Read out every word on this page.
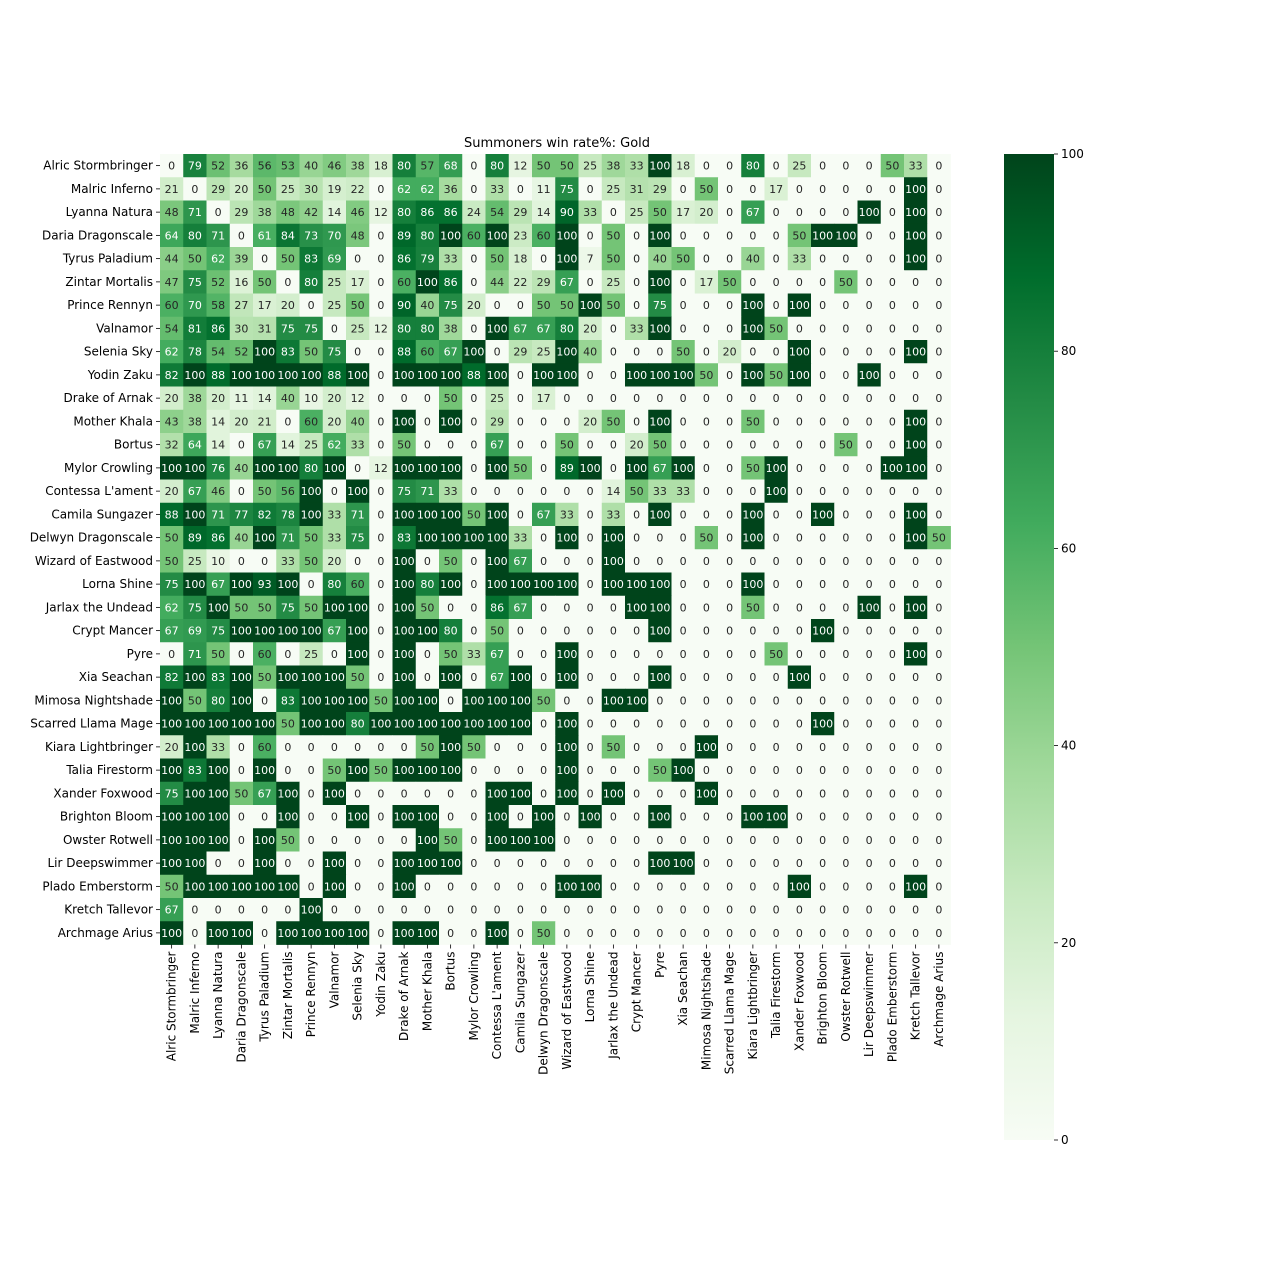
Summoners win rate%: Gold
0 79 52 36 56 53 40 46 38 18 80 57 68 0 80 12 50 50 25 38 33 100 18 0 0 80 0 25 0 0 0 50 33 0
21 0 29 20 50 25 30 19 22 0 62 62 36 0 33 0 11 75 0 25 31 29 0 50 0 0 17 0 0 0 0 0 100 0
48 71 0 29 38 48 42 14 46 12 80 86 86 24 54 29 14 90 33 0 25 50 17 20 0 67 0 0 0 0 100 0 100 0
64 80 71 0 61 84 73 70 48 0 89 80 100 60 100 23 60 100 0 50 0 100 0 0 0 0 0 50 100 100 0 0 100 0
44 50 62 39 0 50 83 69 0 0 86 79 33 0 50 18 0 100 7 50 0 40 50 0 0 40 0 33 0 0 0 0 100 0
47 75 52 16 50 0 80 25 17 0 60 100 86 0 44 22 29 67 0 25 0 100 0 17 50 0 0 0 0 50 0 0 0 0
60 70 58 27 17 20 0 25 50 0 90 40 75 20 0 0 50 50 100 50 0 75 0 0 0 100 0 100 0 0 0 0 0 0
54 81 86 30 31 75 75 0 25 12 80 80 38 0 100 67 67 80 20 0 33 100 0 0 0 100 50 0 0 0 0 0 0 0
62 78 54 52 100 83 50 75 0 0 88 60 67 100 0 29 25 100 40 0 0 0 50 0 20 0 0 100 0 0 0 0 100 0
82 100 88 100 100 100 100 88 100 0 100 100 100 88 100 0 100 100 0 0 100 100 100 50 0 100 50 100 0 0 100 0 0 0
20 38 20 11 14 40 10 20 12 0 0 0 50 0 25 0 17 0 0 0 0 0 0 0 0 0 0 0 0 0 0 0 0 0
43 38 14 20 21 0 60 20 40 0 100 0 100 0 29 0 0 0 20 50 0 100 0 0 0 50 0 0 0 0 0 0 100 0
32 64 14 0 67 14 25 62 33 0 50 0 0 0 67 0 0 50 0 0 20 50 0 0 0 0 0 0 0 50 0 0 100 0
100 100 76 40 100 100 80 100 0 12 100 100 100 0 100 50 0 89 100 0 100 67 100 0 0 50 100 0 0 0 0 100 100 0
20 67 46 0 50 56 100 0 100 0 75 71 33 0 0 0 0 0 0 14 50 33 33 0 0 0 100 0 0 0 0 0 0 0
88 100 71 77 82 78 100 33 71 0 100 100 100 50 100 0 67 33 0 33 0 100 0 0 0 100 0 0 100 0 0 0 100 0
50 89 86 40 100 71 50 33 75 0 83 100 100 100 100 33 0 100 0 100 0 0 0 50 0 100 0 0 0 0 0 0 100 50
50 25 10 0 0 33 50 20 0 0 100 0 50 0 100 67 0 0 0 100 0 0 0 0 0 0 0 0 0 0 0 0 0 0
75 100 67 100 93 100 0 80 60 0 100 80 100 0 100 100 100 100 0 100 100 100 0 0 0 100 0 0 0 0 0 0 0 0
62 75 100 50 50 75 50 100 100 0 100 50 0 0 86 67 0 0 0 0 100 100 0 0 0 50 0 0 0 0 100 0 100 0
67 69 75 100 100 100 100 67 100 0 100 100 80 0 50 0 0 0 0 0 0 100 0 0 0 0 0 0 100 0 0 0 0 0
0 71 50 0 60 0 25 0 100 0 100 0 50 33 67 0 0 100 0 0 0 0 0 0 0 0 50 0 0 0 0 0 100 0
82 100 83 100 50 100 100 100 50 0 100 0 100 0 67 100 0 100 0 0 0 100 0 0 0 0 0 100 0 0 0 0 0 0
100 50 80 100 0 83 100 100 100 50 100 100 0 100 100 100 50 0 0 100 100 0 0 0 0 0 0 0 0 0 0 0 0 0
100 100 100 100 100 50 100 100 80 100 100 100 100 100 100 100 0 100 0 0 0 0 0 0 0 0 0 0 100 0 0 0 0 0
20 100 33 0 60 0 0 0 0 0 0 50 100 50 0 0 0 100 0 50 0 0 0 100 0 0 0 0 0 0 0 0 0 0
100 83 100 0 100 0 0 50 100 50 100 100 100 0 0 0 0 100 0 0 0 50 100 0 0 0 0 0 0 0 0 0 0 0
75 100 100 50 67 100 0 100 0 0 0 0 0 0 100 100 0 100 0 100 0 0 0 100 0 0 0 0 0 0 0 0 0 0
100 100 100 0 0 100 0 0 100 0 100 100 0 0 100 0 100 0 100 0 0 100 0 0 0 100 100 0 0 0 0 0 0 0
100 100 100 0 100 50 0 0 0 0 0 100 50 0 100 100 100 0 0 0 0 0 0 0 0 0 0 0 0 0 0 0 0 0
100 100 0 0 100 0 0 100 0 0 100 100 100 0 0 0 0 0 0 0 0 100 100 0 0 0 0 0 0 0 0 0 0 0
50 100 100 100 100 100 0 100 0 0 100 0 0 0 0 0 0 100 100 0 0 0 0 0 0 0 0 100 0 0 0 0 100 0
67 0 0 0 0 0 100 0 0 0 0 0 0 0 0 0 0 0 0 0 0 0 0 0 0 0 0 0 0 0 0 0 0 0
100 0 100 100 0 100 100 100 100 0 100 100 0 0 100 0 50 0 0 0 0 0 0 0 0 0 0 0 0 0 0 0 0 0
Alric Stormbringer
Malric Inferno
Lyanna Natura
Daria Dragonscale
Tyrus Paladium
Zintar Mortalis
Prince Rennyn
Valnamor
Selenia Sky
Yodin Zaku
Drake of Arnak
Mother Khala
Bortus
Mylor Crowling
Contessa L'ament
Camila Sungazer
Delwyn Dragonscale
Wizard of Eastwood
Lorna Shine
Jarlax the Undead
Crypt Mancer
Pyre
Xia Seachan
Mimosa Nightshade
Scarred Llama Mage
Kiara Lightbringer
Talia Firestorm
Xander Foxwood
Brighton Bloom
Owster Rotwell
Lir Deepswimmer
Plado Emberstorm
Kretch Tallevor
Archmage Arius
Alric Stormbringer Malric Inferno Lyanna Natura Daria Dragonscale Tyrus Paladium Zintar Mortalis Prince Rennyn Valnamor Selenia Sky Yodin Zaku Drake of Arnak Mother Khala Bortus Mylor Crowling Contessa L'ament Camila Sungazer Delwyn Dragonscale Wizard of Eastwood Lorna Shine Jarlax the Undead Crypt Mancer Pyre Xia Seachan Mimosa Nightshade Scarred Llama Mage Kiara Lightbringer Talia Firestorm Xander Foxwood Brighton Bloom Owster Rotwell Lir Deepswimmer Plado Emberstorm Kretch Tallevor Archmage Arius
0
20
40
60
80
100
